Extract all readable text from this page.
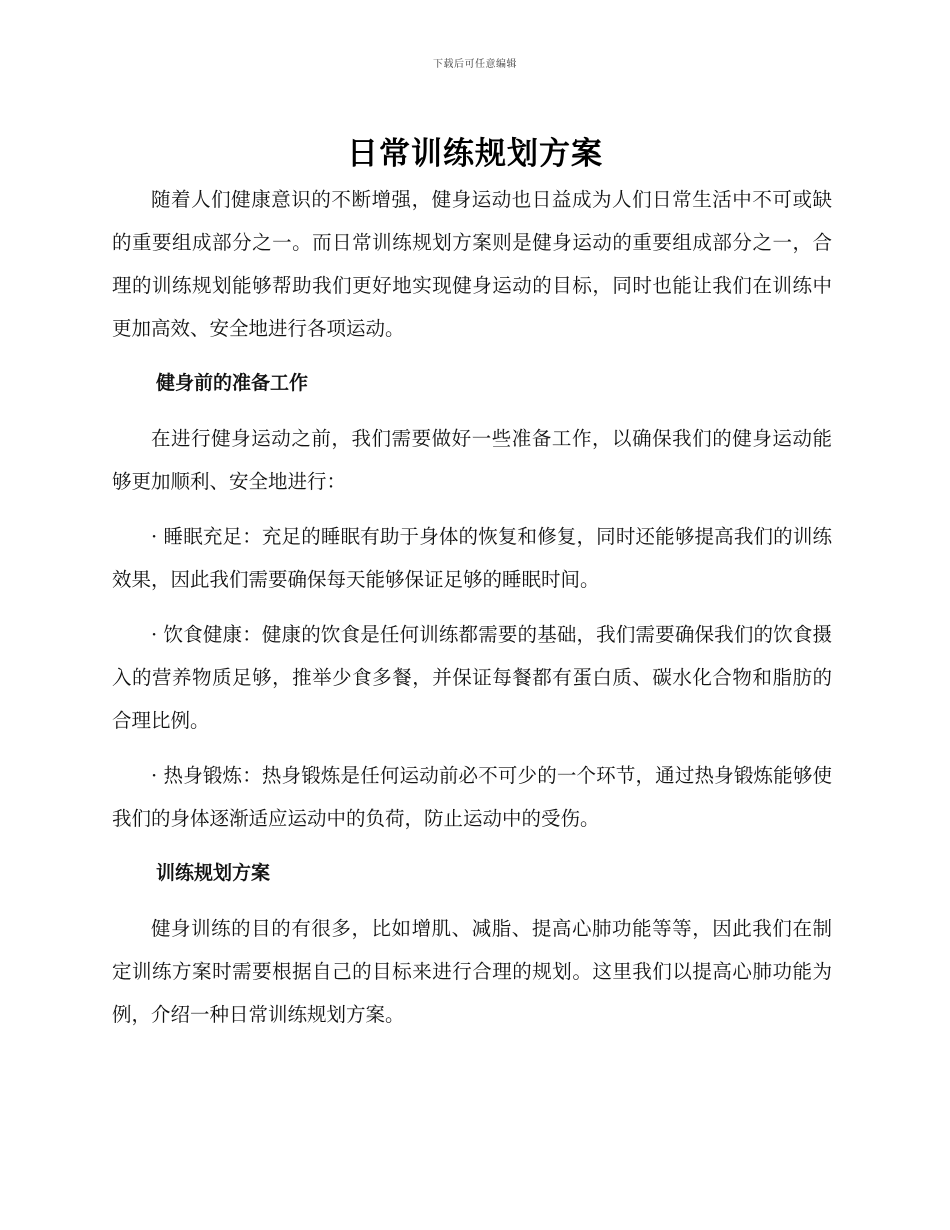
下载后可任意编辑
日常训练规划方案

随着人们健康意识的不断增强，健身运动也日益成为人们日常生活中不可或缺的重要组成部分之一。而日常训练规划方案则是健身运动的重要组成部分之一，合理的训练规划能够帮助我们更好地实现健身运动的目标，同时也能让我们在训练中更加高效、安全地进行各项运动。

健身前的准备工作

在进行健身运动之前，我们需要做好一些准备工作，以确保我们的健身运动能够更加顺利、安全地进行：

· 睡眠充足：充足的睡眠有助于身体的恢复和修复，同时还能够提高我们的训练效果，因此我们需要确保每天能够保证足够的睡眠时间。

· 饮食健康：健康的饮食是任何训练都需要的基础，我们需要确保我们的饮食摄入的营养物质足够，推举少食多餐，并保证每餐都有蛋白质、碳水化合物和脂肪的合理比例。

· 热身锻炼：热身锻炼是任何运动前必不可少的一个环节，通过热身锻炼能够使我们的身体逐渐适应运动中的负荷，防止运动中的受伤。

训练规划方案

健身训练的目的有很多，比如增肌、减脂、提高心肺功能等等，因此我们在制定训练方案时需要根据自己的目标来进行合理的规划。这里我们以提高心肺功能为例，介绍一种日常训练规划方案。
